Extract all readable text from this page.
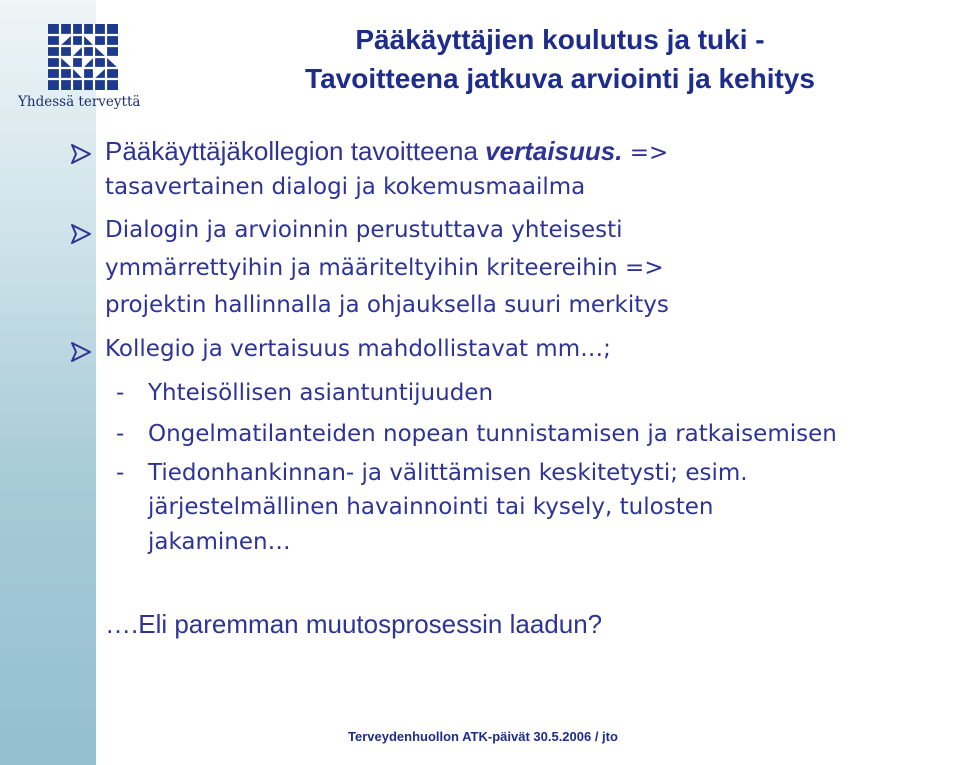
Yhdessä terveyttä
Pääkäyttäjien koulutus ja tuki -
Tavoitteena jatkuva arviointi ja kehitys
Pääkäyttäjäkollegion tavoitteena vertaisuus. =>
tasavertainen dialogi ja kokemusmaailma
Dialogin ja arvioinnin perustuttava yhteisesti
ymmärrettyihin ja määriteltyihin kriteereihin =>
projektin hallinnalla ja ohjauksella suuri merkitys
Kollegio ja vertaisuus mahdollistavat mm…;
- Yhteisöllisen asiantuntijuuden
- Ongelmatilanteiden nopean tunnistamisen ja ratkaisemisen
- Tiedonhankinnan- ja välittämisen keskitetysti; esim.
järjestelmällinen havainnointi tai kysely, tulosten
jakaminen…
….Eli paremman muutosprosessin laadun?
Terveydenhuollon ATK-päivät 30.5.2006 / jto
